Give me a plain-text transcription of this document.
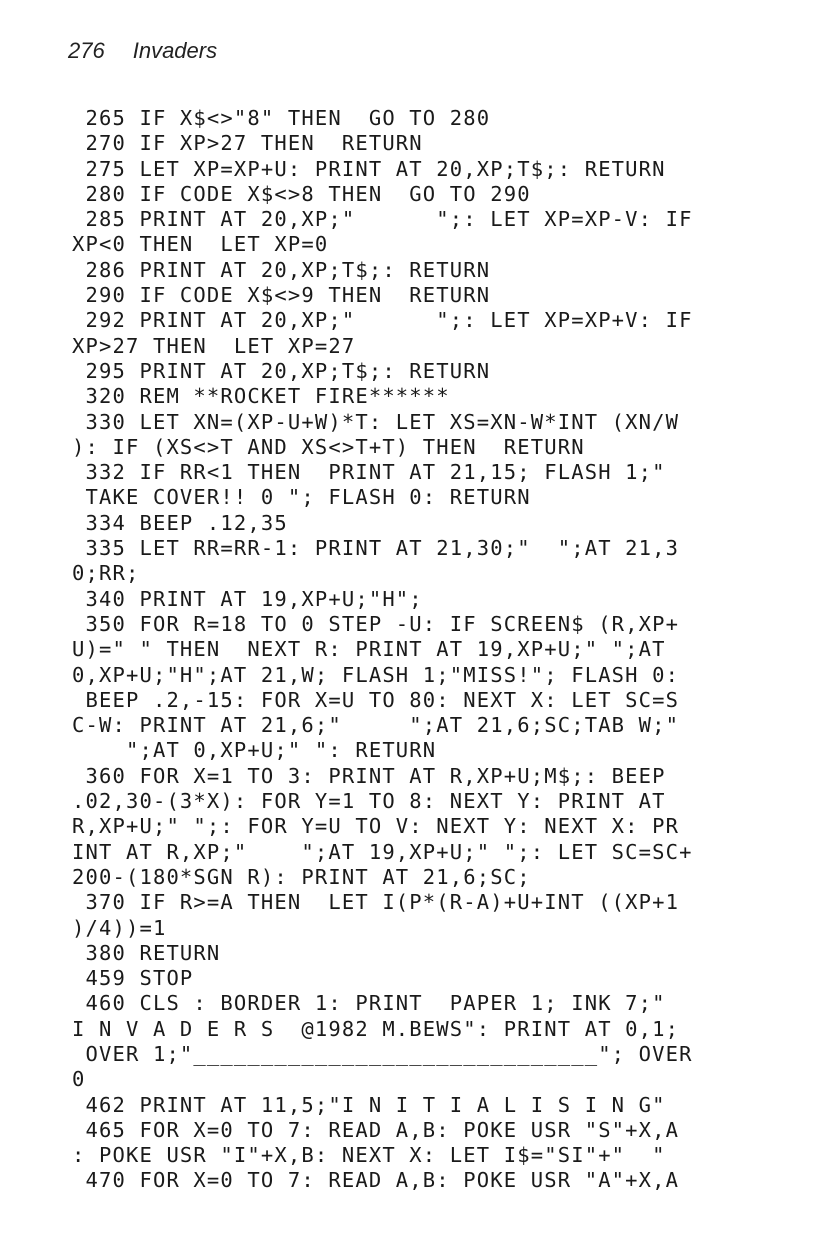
276 Invaders
265 IF X$<>"8" THEN  GO TO 280
270 IF XP>27 THEN  RETURN
275 LET XP=XP+U: PRINT AT 20,XP;T$;: RETURN
280 IF CODE X$<>8 THEN  GO TO 290
285 PRINT AT 20,XP;"      ";: LET XP=XP-V: IF
XP<0 THEN  LET XP=0
286 PRINT AT 20,XP;T$;: RETURN
290 IF CODE X$<>9 THEN  RETURN
292 PRINT AT 20,XP;"      ";: LET XP=XP+V: IF
XP>27 THEN  LET XP=27
295 PRINT AT 20,XP;T$;: RETURN
320 REM **ROCKET FIRE******
330 LET XN=(XP-U+W)*T: LET XS=XN-W*INT (XN/W
): IF (XS<>T AND XS<>T+T) THEN  RETURN
332 IF RR<1 THEN  PRINT AT 21,15; FLASH 1;"
TAKE COVER!! 0 "; FLASH 0: RETURN
334 BEEP .12,35
335 LET RR=RR-1: PRINT AT 21,30;"  ";AT 21,3
0;RR;
340 PRINT AT 19,XP+U;"H";
350 FOR R=18 TO 0 STEP -U: IF SCREEN$ (R,XP+
U)=" " THEN  NEXT R: PRINT AT 19,XP+U;" ";AT
0,XP+U;"H";AT 21,W; FLASH 1;"MISS!"; FLASH 0:
BEEP .2,-15: FOR X=U TO 80: NEXT X: LET SC=S
C-W: PRINT AT 21,6;"     ";AT 21,6;SC;TAB W;"
";AT 0,XP+U;" ": RETURN
360 FOR X=1 TO 3: PRINT AT R,XP+U;M$;: BEEP
.02,30-(3*X): FOR Y=1 TO 8: NEXT Y: PRINT AT
R,XP+U;" ";: FOR Y=U TO V: NEXT Y: NEXT X: PR
INT AT R,XP;"    ";AT 19,XP+U;" ";: LET SC=SC+
200-(180*SGN R): PRINT AT 21,6;SC;
370 IF R>=A THEN  LET I(P*(R-A)+U+INT ((XP+1
)/4))=1
380 RETURN
459 STOP
460 CLS : BORDER 1: PRINT  PAPER 1; INK 7;"
I N V A D E R S  @1982 M.BEWS": PRINT AT 0,1;
OVER 1;"______________________________"; OVER
0
462 PRINT AT 11,5;"I N I T I A L I S I N G"
465 FOR X=0 TO 7: READ A,B: POKE USR "S"+X,A
: POKE USR "I"+X,B: NEXT X: LET I$="SI"+"  "
470 FOR X=0 TO 7: READ A,B: POKE USR "A"+X,A
